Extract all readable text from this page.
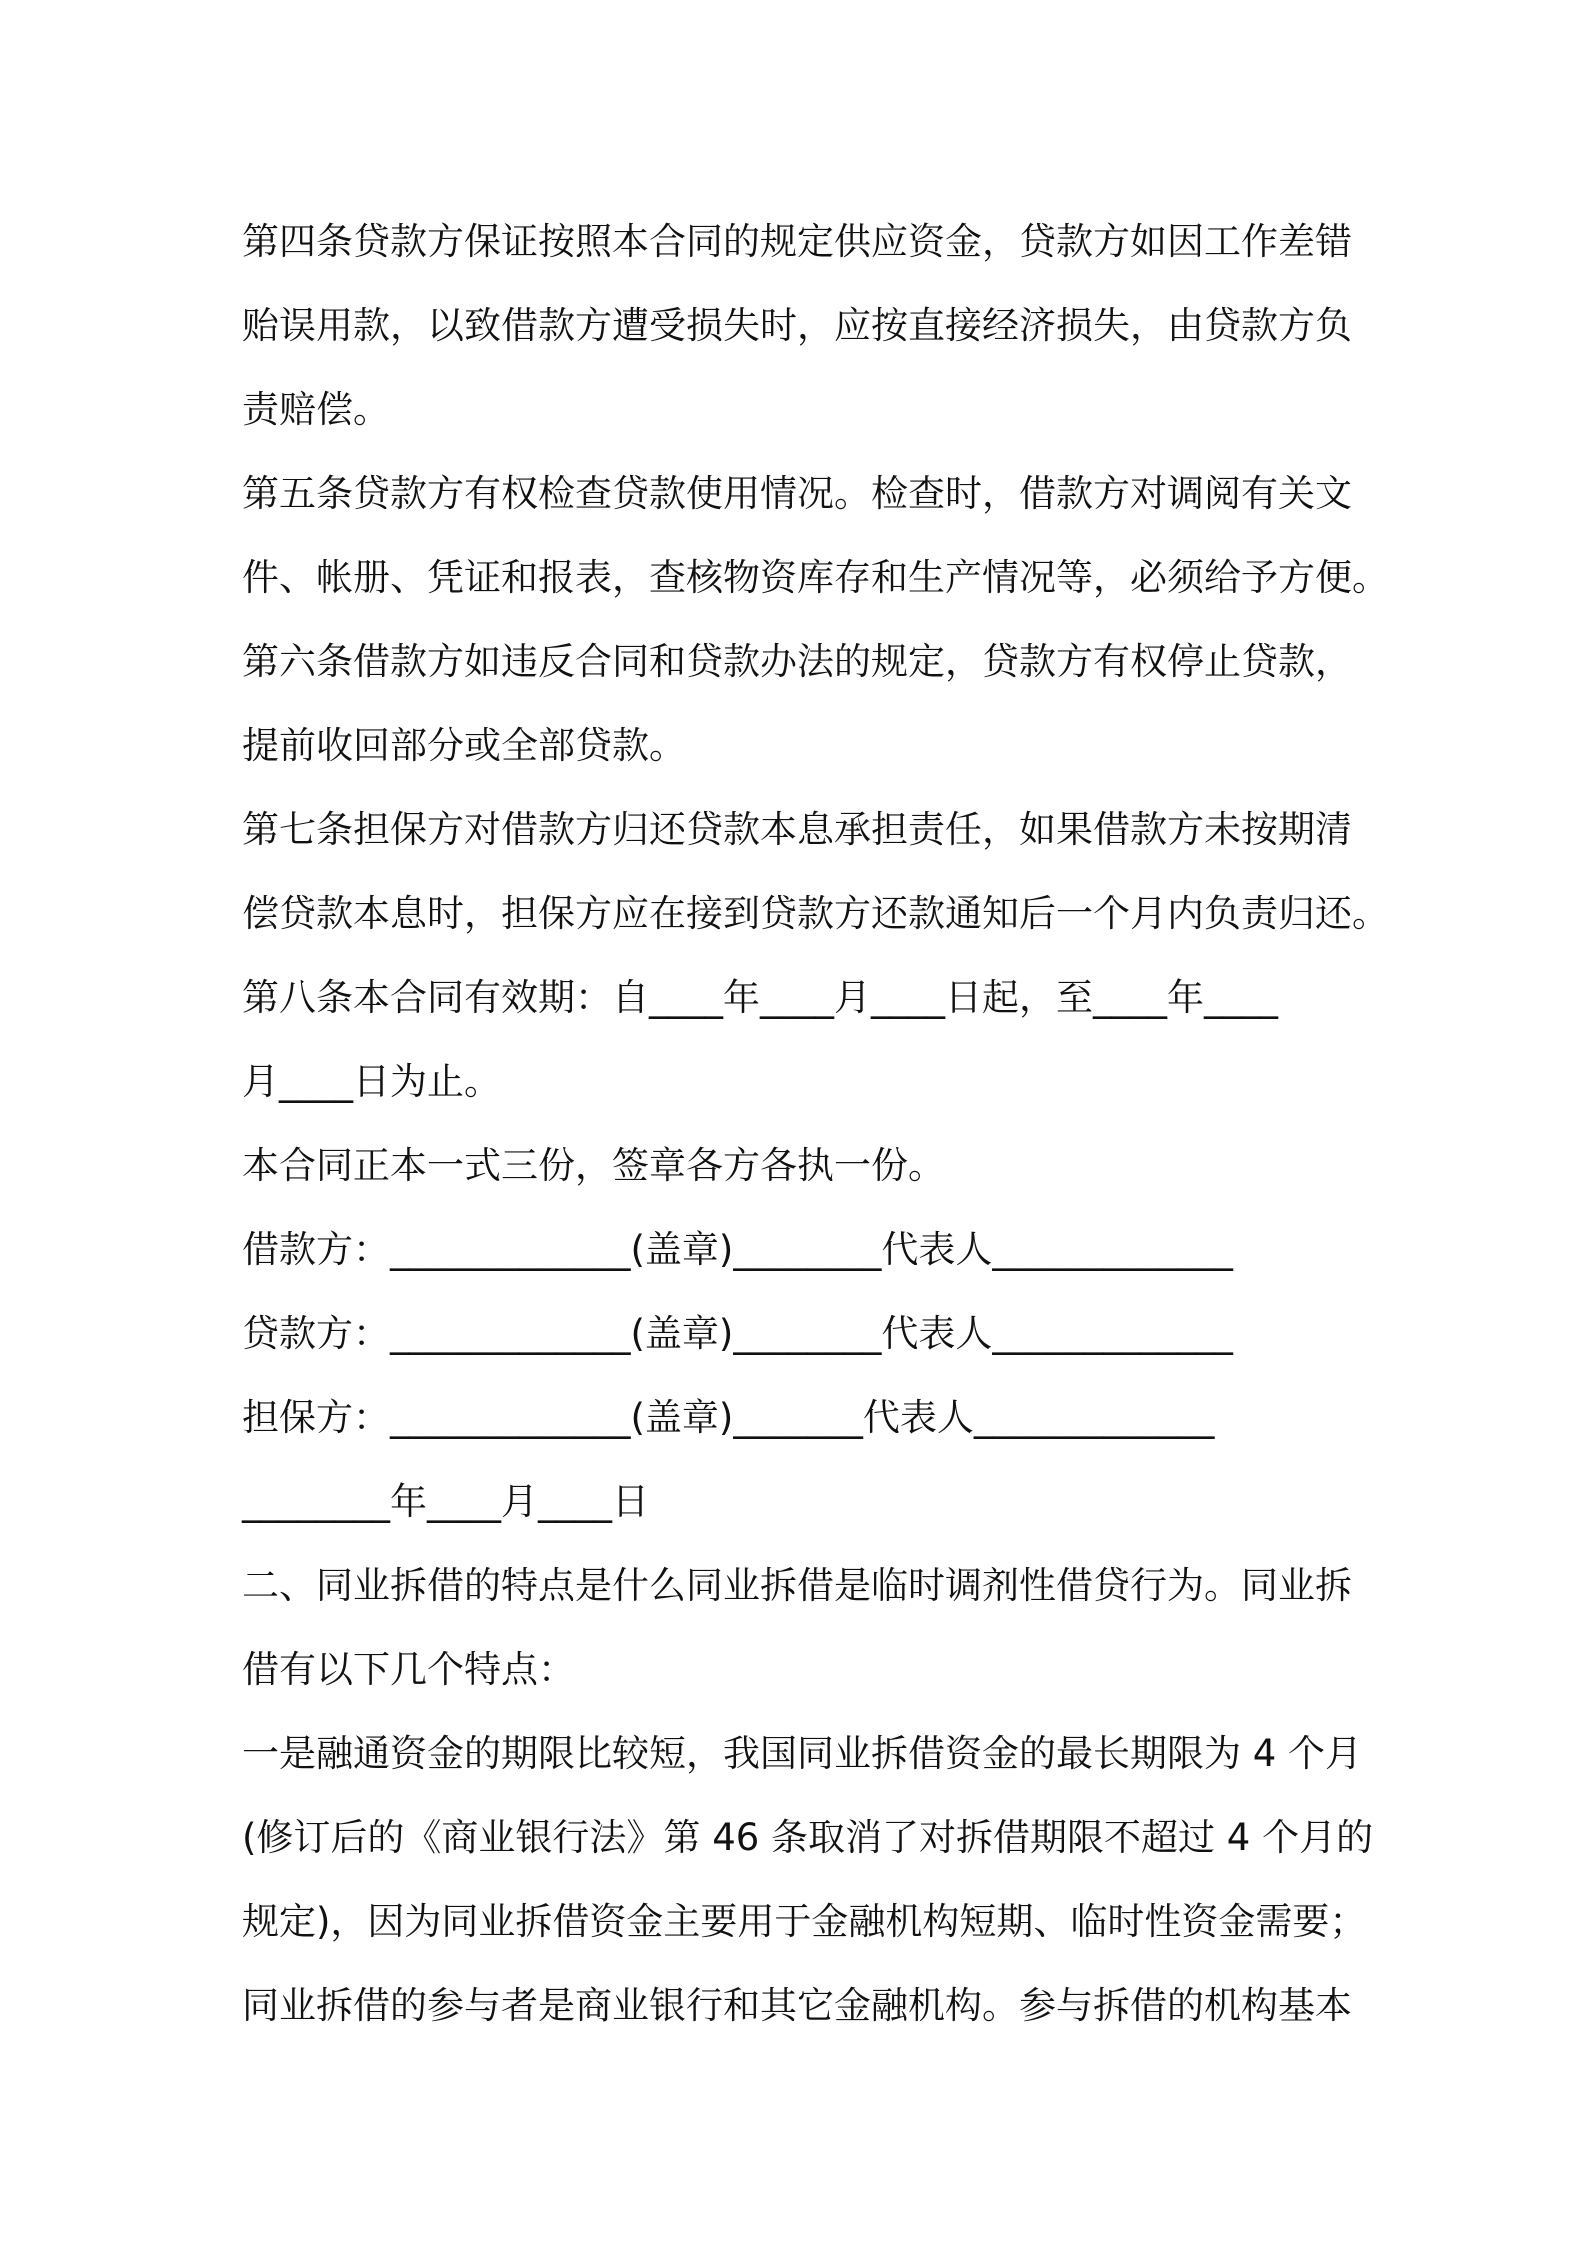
第四条贷款方保证按照本合同的规定供应资金，贷款方如因工作差错
贻误用款，以致借款方遭受损失时，应按直接经济损失，由贷款方负
责赔偿。
第五条贷款方有权检查贷款使用情况。检查时，借款方对调阅有关文
件、帐册、凭证和报表，查核物资库存和生产情况等，必须给予方便。
第六条借款方如违反合同和贷款办法的规定，贷款方有权停止贷款，
提前收回部分或全部贷款。
第七条担保方对借款方归还贷款本息承担责任，如果借款方未按期清
偿贷款本息时，担保方应在接到贷款方还款通知后一个月内负责归还。
第八条本合同有效期：自____年____月____日起，至____年____
月____日为止。
本合同正本一式三份，签章各方各执一份。
借款方：_____________(盖章)________代表人_____________
贷款方：_____________(盖章)________代表人_____________
担保方：_____________(盖章)_______代表人_____________
________年____月____日
二、同业拆借的特点是什么同业拆借是临时调剂性借贷行为。同业拆
借有以下几个特点：
一是融通资金的期限比较短，我国同业拆借资金的最长期限为 4 个月
(修订后的《商业银行法》第 46 条取消了对拆借期限不超过 4 个月的
规定)，因为同业拆借资金主要用于金融机构短期、临时性资金需要；
同业拆借的参与者是商业银行和其它金融机构。参与拆借的机构基本
